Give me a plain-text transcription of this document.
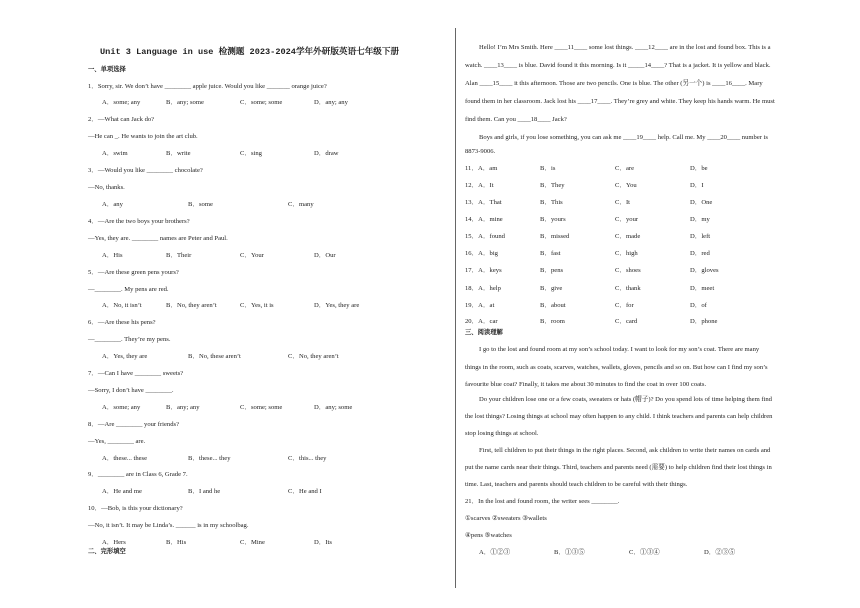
Unit 3 Language in use 检测题 2023-2024学年外研版英语七年级下册
一、单项选择
二、完形填空
1．Sorry, sir. We don’t have ________ apple juice. Would you like _______ orange juice?
A．some; any	B．any; some	C．some; some	D．any; any
2．—What can Jack do?
—He can _. He wants to join the art club.
A．swim	B．write	C．sing	D．draw
3．—Would you like ________ chocolate?
—No, thanks.
A．any	B．some	C．many
4．—Are the two boys your brothers?
—Yes, they are. ________ names are Peter and Paul.
A．His	B．Their	C．Your	D．Our
5．—Are these green pens yours?
—________. My pens are red.
A．No, it isn’t	B．No, they aren’t	C．Yes, it is	D．Yes, they are
6．—Are these his pens?
—________. They’re my pens.
A．Yes, they are	B．No, these aren’t	C．No, they aren’t
7．—Can I have ________ sweets?
—Sorry, I don’t have ________.
A．some; any	B．any; any	C．some; some	D．any; some
8．—Are ________ your friends?
—Yes, ________ are.
A．these... these	B．these... they	C．this... they
9．________ are in Class 6, Grade 7.
A．He and me	B．I and he	C．He and I
10．—Bob, is this your dictionary?
—No, it isn’t. It may be Linda’s. ______ is in my schoolbag.
A．Hers	B．His	C．Mine	D．Its
三、阅读理解
Hello! I’m Mrs Smith. Here ____11____ some lost things. ____12____ are in the lost and found box. This is a
watch. ____13____ is blue. David found it this morning. Is it _____14____? That is a jacket. It is yellow and black.
Alan ____15____ it this afternoon. Those are two pencils. One is blue. The other (另一个) is ____16____. Mary
found them in her classroom. Jack lost his ____17____. They’re grey and white. They keep his hands warm. He must
find them. Can you ____18____ Jack?
Boys and girls, if you lose something, you can ask me ____19____ help. Call me. My ____20____ number is
8873-9006.
11．A．am	B．is	C．are	D．be
12．A．It	B．They	C．You	D．I
13．A．That	B．This	C．It	D．One
14．A．mine	B．yours	C．your	D．my
15．A．found	B．missed	C．made	D．left
16．A．big	B．fast	C．high	D．red
17．A．keys	B．pens	C．shoes	D．gloves
18．A．help	B．give	C．thank	D．meet
19．A．at	B．about	C．for	D．of
20．A．car	B．room	C．card	D．phone
I go to the lost and found room at my son’s school today. I want to look for my son’s coat. There are many
things in the room, such as coats, scarves, watches, wallets, gloves, pencils and so on. But how can I find my son’s
favourite blue coat? Finally, it takes me about 30 minutes to find the coat in over 100 coats.
Do your children lose one or a few coats, sweaters or hats (帽子)? Do you spend lots of time helping them find
the lost things? Losing things at school may often happen to any child. I think teachers and parents can help children
stop losing things at school.
First, tell children to put their things in the right places. Second, ask children to write their names on cards and
put the name cards near their things. Third, teachers and parents need (需要) to help children find their lost things in
time. Last, teachers and parents should teach children to be careful with their things.
21．In the lost and found room, the writer sees ________.
①scarves ②sweaters ③wallets
④pens ⑤watches
A．①②③	B．①③⑤	C．①③④	D．②③⑤
